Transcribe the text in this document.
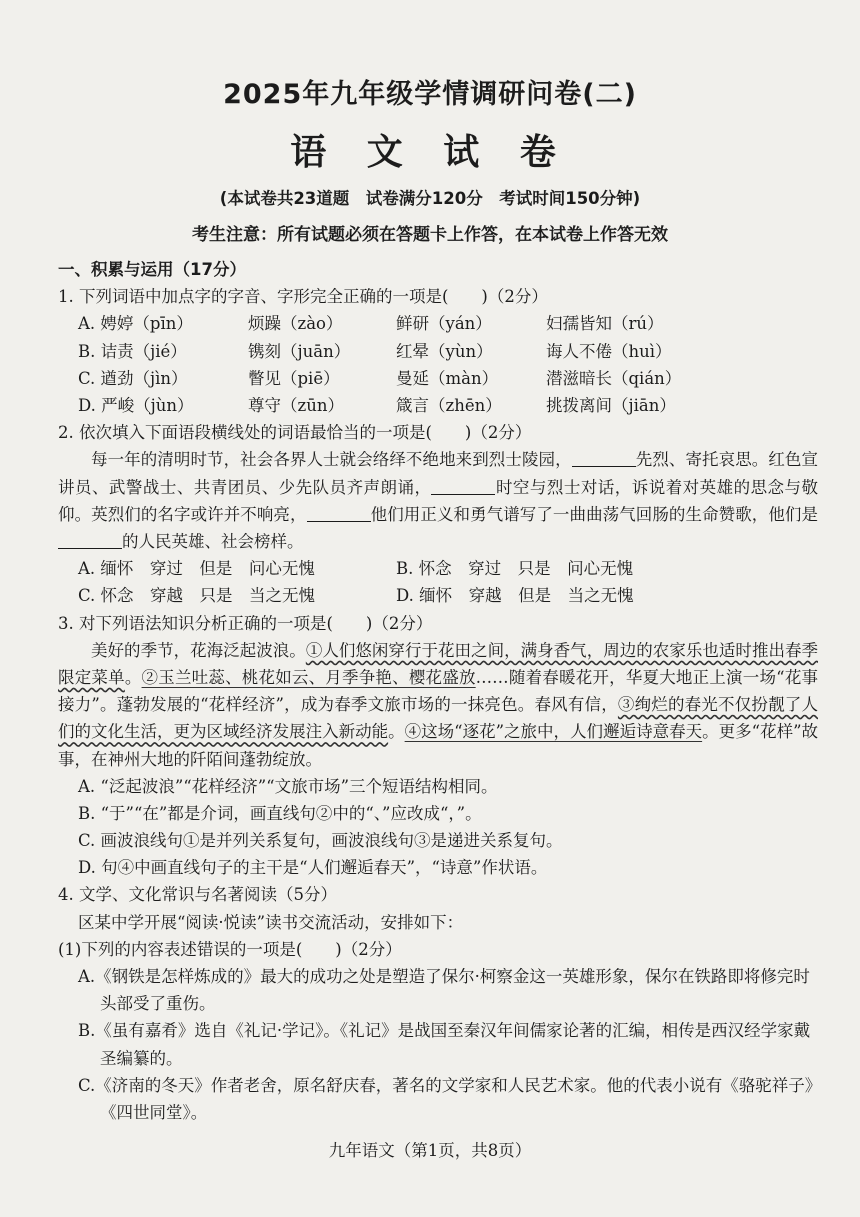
2025年九年级学情调研问卷(二)
语 文 试 卷
(本试卷共23道题　试卷满分120分　考试时间150分钟)
考生注意：所有试题必须在答题卡上作答，在本试卷上作答无效
一、积累与运用（17分）
1. 下列词语中加点字的字音、字形完全正确的一项是(　　)（2分）
A. 娉婷（pīn）	烦躁（zào）	鲜研（yán）	妇孺皆知（rú）
B. 诘责（jié）	镌刻（juān）	红晕（yùn）	诲人不倦（huì）
C. 遒劲（jìn）	瞥见（piē）	曼延（màn）	潜滋暗长（qián）
D. 严峻（jùn）	尊守（zūn）	箴言（zhēn）	挑拨离间（jiān）
2. 依次填入下面语段横线处的词语最恰当的一项是(　　)（2分）
每一年的清明时节，社会各界人士就会络绎不绝地来到烈士陵园，	先烈、寄托哀思。红色宣讲员、武警战士、共青团员、少先队员齐声朗诵，	时空与烈士对话，诉说着对英雄的思念与敬仰。英烈们的名字或许并不响亮，	他们用正义和勇气谱写了一曲曲荡气回肠的生命赞歌，他们是的人民英雄、社会榜样。
A. 缅怀　穿过　但是　问心无愧	B. 怀念　穿过　只是　问心无愧
C. 怀念　穿越　只是　当之无愧	D. 缅怀　穿越　但是　当之无愧
3. 对下列语法知识分析正确的一项是(　　)（2分）
美好的季节，花海泛起波浪。①人们悠闲穿行于花田之间，满身香气，周边的农家乐也适时推出春季限定菜单。②玉兰吐蕊、桃花如云、月季争艳、樱花盛放……随着春暖花开，华夏大地正上演一场“花事接力”。蓬勃发展的“花样经济”，成为春季文旅市场的一抹亮色。春风有信，③绚烂的春光不仅扮靓了人们的文化生活，更为区域经济发展注入新动能。④这场“逐花”之旅中，人们邂逅诗意春天。更多“花样”故事，在神州大地的阡陌间蓬勃绽放。
A. “泛起波浪”“花样经济”“文旅市场”三个短语结构相同。
B. “于”“在”都是介词，画直线句②中的“、”应改成“，”。
C. 画波浪线句①是并列关系复句，画波浪线句③是递进关系复句。
D. 句④中画直线句子的主干是“人们邂逅春天”，“诗意”作状语。
4. 文学、文化常识与名著阅读（5分）
区某中学开展“阅读·悦读”读书交流活动，安排如下：
(1)下列的内容表述错误的一项是(　　)（2分）
A.《钢铁是怎样炼成的》最大的成功之处是塑造了保尔·柯察金这一英雄形象，保尔在铁路即将修完时头部受了重伤。
B.《虽有嘉肴》选自《礼记·学记》。《礼记》是战国至秦汉年间儒家论著的汇编，相传是西汉经学家戴圣编纂的。
C.《济南的冬天》作者老舍，原名舒庆春，著名的文学家和人民艺术家。他的代表小说有《骆驼祥子》《四世同堂》。
九年语文（第1页，共8页）
